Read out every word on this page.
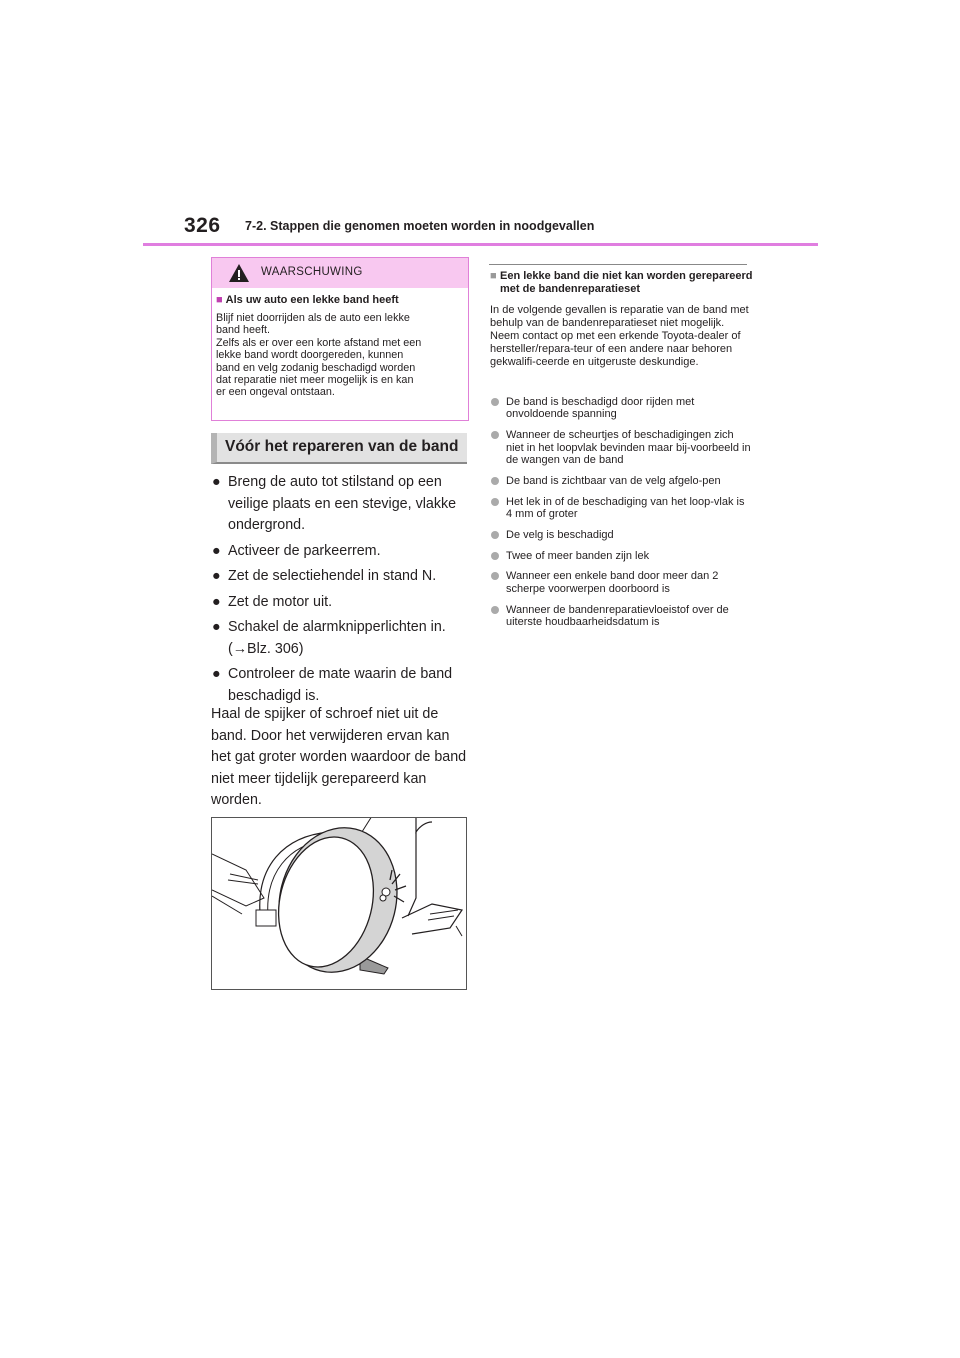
326 7-2. Stappen die genomen moeten worden in noodgevallen
WAARSCHUWING
■ Als uw auto een lekke band heeft

Blijf niet doorrijden als de auto een lekke
band heeft.
Zelfs als er over een korte afstand met een
lekke band wordt doorgereden, kunnen
band en velg zodanig beschadigd worden
dat reparatie niet meer mogelijk is en kan
er een ongeval ontstaan.

Vóór het repareren van de band
● Breng de auto tot stilstand op een veilige plaats en een stevige, vlakke ondergrond.
● Activeer de parkeerrem.
● Zet de selectiehendel in stand N.
● Zet de motor uit.
● Schakel de alarmknipperlichten in. (→Blz. 306)
● Controleer de mate waarin de band beschadigd is.

Haal de spijker of schroef niet uit de band. Door het verwijderen ervan kan het gat groter worden waardoor de band niet meer tijdelijk gerepareerd kan worden.

■ Een lekke band die niet kan worden gerepareerd met de bandenreparatieset

In de volgende gevallen is reparatie van de band met behulp van de bandenreparatieset niet mogelijk. Neem contact op met een erkende Toyota-dealer of hersteller/repara-teur of een andere naar behoren gekwalifi-ceerde en uitgeruste deskundige.

De band is beschadigd door rijden met onvoldoende spanning
Wanneer de scheurtjes of beschadigingen zich niet in het loopvlak bevinden maar bij-voorbeeld in de wangen van de band
De band is zichtbaar van de velg afgelo-pen
Het lek in of de beschadiging van het loop-vlak is 4 mm of groter
De velg is beschadigd
Twee of meer banden zijn lek
Wanneer een enkele band door meer dan 2 scherpe voorwerpen doorboord is
Wanneer de bandenreparatievloeistof over de uiterste houdbaarheidsdatum is
